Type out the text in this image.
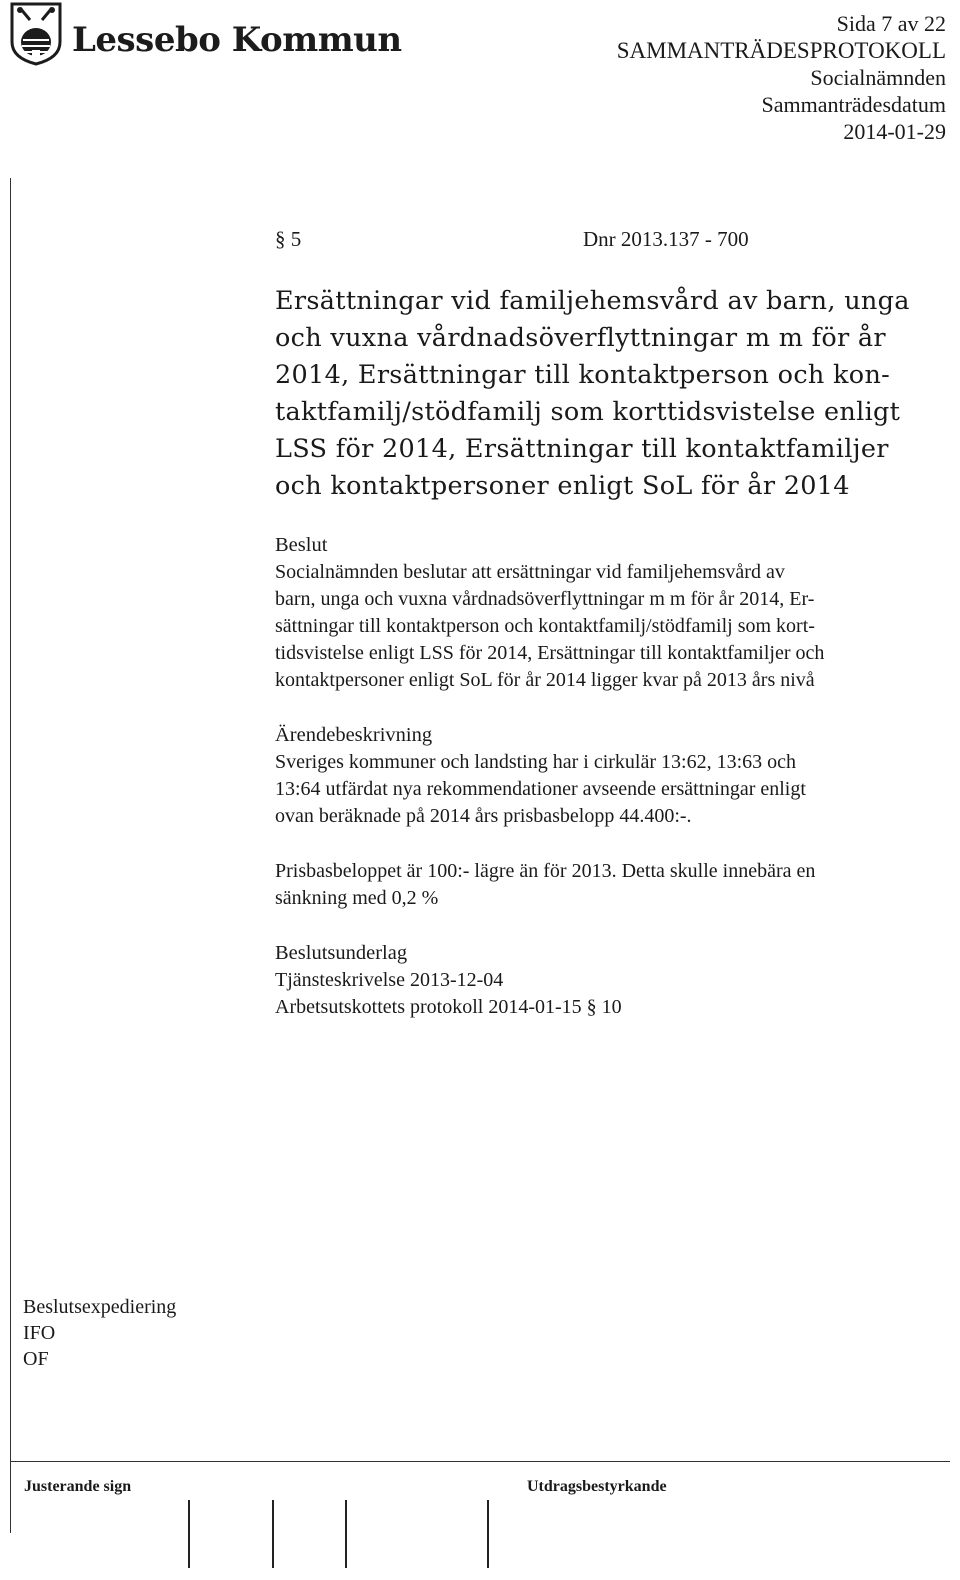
Lessebo Kommun	Sida 7 av 22
SAMMANTRÄDESPROTOKOLL
Socialnämnden
Sammanträdesdatum
2014-01-29
§ 5	Dnr 2013.137 - 700
Ersättningar vid familjehemsvård av barn, unga
och vuxna vårdnadsöverflyttningar m m för år
2014, Ersättningar till kontaktperson och kon-
taktfamilj/stödfamilj som korttidsvistelse enligt
LSS för 2014, Ersättningar till kontaktfamiljer
och kontaktpersoner enligt SoL för år 2014
Beslut
Socialnämnden beslutar att ersättningar vid familjehemsvård av
barn, unga och vuxna vårdnadsöverflyttningar m m för år 2014, Er-
sättningar till kontaktperson och kontaktfamilj/stödfamilj som kort-
tidsvistelse enligt LSS för 2014, Ersättningar till kontaktfamiljer och
kontaktpersoner enligt SoL för år 2014 ligger kvar på 2013 års nivå
Ärendebeskrivning
Sveriges kommuner och landsting har i cirkulär 13:62, 13:63 och
13:64 utfärdat nya rekommendationer avseende ersättningar enligt
ovan beräknade på 2014 års prisbasbelopp 44.400:-.
Prisbasbeloppet är 100:- lägre än för 2013. Detta skulle innebära en
sänkning med 0,2 %
Beslutsunderlag
Tjänsteskrivelse 2013-12-04
Arbetsutskottets protokoll 2014-01-15 § 10
Beslutsexpediering
IFO
OF
Justerande sign	Utdragsbestyrkande
